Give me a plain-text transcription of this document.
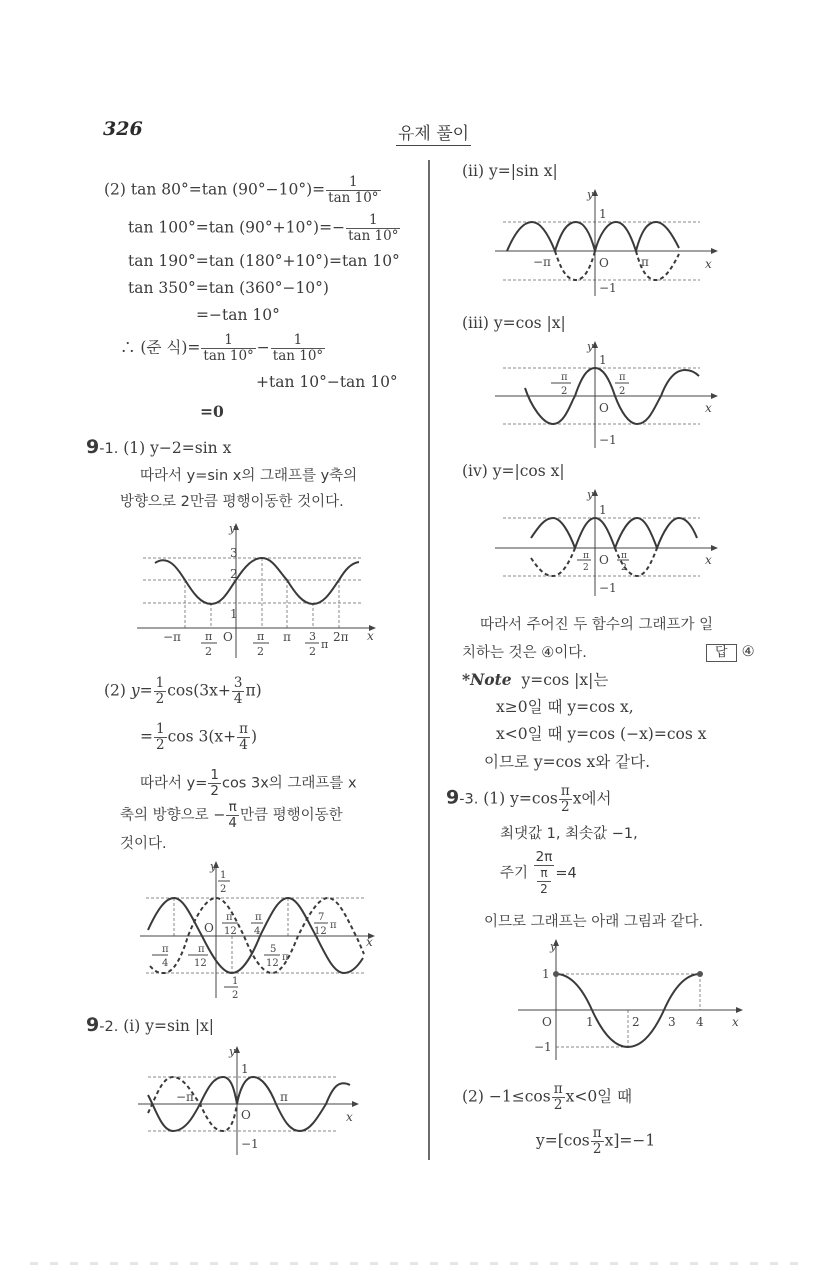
326	유제 풀이
(2) tan 80°=tan $(90^\circ-10^\circ)= \frac{1}{\tan 10^\circ}$
tan 100°=tan $(90^\circ+10^\circ)=- \frac{1}{\tan 10^\circ}$
tan 190°=tan (180°+10°)=tan 10°
tan 350°=tan (360°−10°)
=−tan 10°
∴ (준 식)= $\frac{1}{\tan 10^\circ} - \frac{1}{\tan 10^\circ}$
+tan 10°−tan 10°
=0
9-1. (1) y−2=sin x
따라서 y=sin x의 그래프를 y축의
방향으로 2만큼 평행이동한 것이다.
y
3
2
1
−π π
2
O π
2
π 3
2
π
2π x
(2) $y= \frac{1}{2} \cos(3x+ \frac{3}{4} \pi)$
= $\frac{1}{2}$ $\cos 3(x+ \frac{\pi}{4}$ )
따라서 $y= \frac{1}{2}$ cos 3x의 그래프를 x
축의 방향으로 − $\frac{\pi}{4}$ 만큼 평행이동한
것이다.
y
1
2
O
π
12
π
4
7
12
π
π
4
π
12
5
12
π
1
2
x
9-2. (i) y=sin |x|
y
1
O
−1
−π	π
x
(ii) y=|sin x|
y
1
O
−1
−π	π	x
(iii) y=cos |x|
y
1
O
−1
π
2
π
2
x
(iv) y=|cos x|
y
1
O
−1
π
2
π
2
x
따라서 주어진 두 함수의 그래프가 일
치하는 것은 ④이다.	답 ④
*Note y=cos |x|는
x≥0일 때 y=cos x,
x<0일 때 y=cos (−x)=cos x
이므로 y=cos x와 같다.
9-3. (1) $y=\cos \frac{\pi}{2}$ x에서
최댓값 1, 최솟값 −1,
주기 2π
π
2 =4
이므로 그래프는 아래 그림과 같다.
y
1
−1
O	1	2 3 4 x
$(2) -1\le\cos \frac{\pi}{2} x<0$일 때
$y=[\cos \frac{\pi}{2} x]=-1$
